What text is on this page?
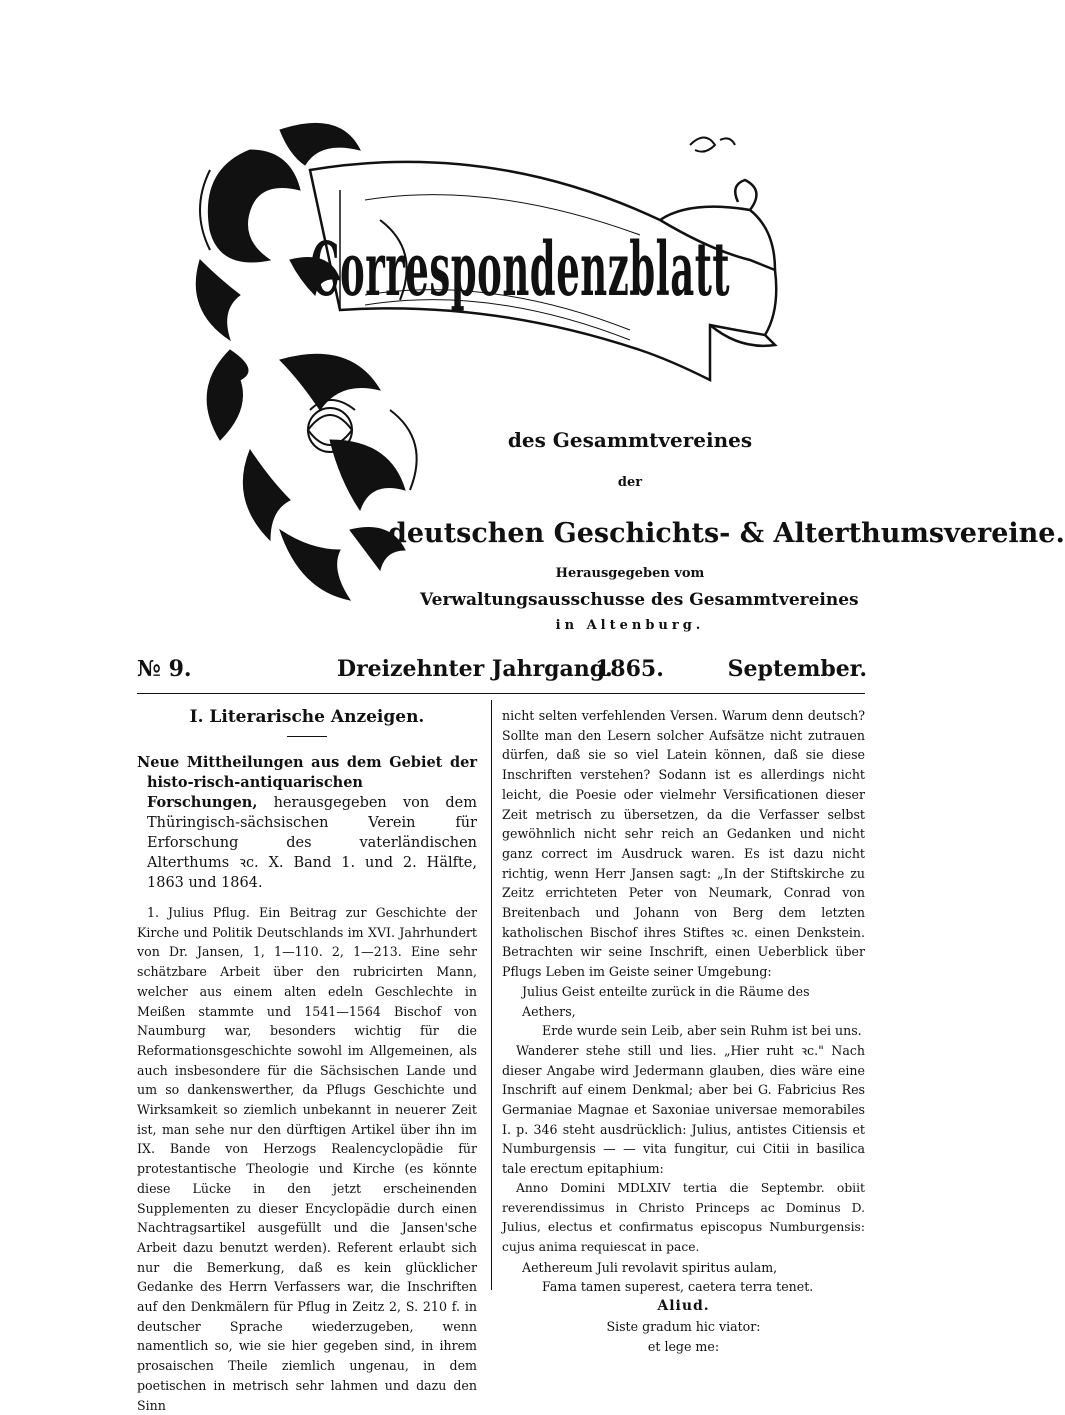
Correspondenzblatt
des Gesammtvereines
der
deutschen Geschichts- & Alterthumsvereine.
Herausgegeben vom
Verwaltungsausschusse des Gesammtvereines
in Altenburg.
№ 9.	Dreizehnter Jahrgang.
1865.	September.
I. Literarische Anzeigen.

Neue Mittheilungen aus dem Gebiet der histo-risch-antiquarischen Forschungen, herausgegeben von dem Thüringisch-sächsischen Verein für Erforschung des vaterländischen Alterthums ꝛc. X. Band 1. und 2. Hälfte, 1863 und 1864.

1. Julius Pflug. Ein Beitrag zur Geschichte der Kirche und Politik Deutschlands im XVI. Jahrhundert von Dr. Jansen, 1, 1—110. 2, 1—213. Eine sehr schätzbare Arbeit über den rubricirten Mann, welcher aus einem alten edeln Geschlechte in Meißen stammte und 1541—1564 Bischof von Naumburg war, besonders wichtig für die Reformationsgeschichte sowohl im Allgemeinen, als auch insbesondere für die Sächsischen Lande und um so dankenswerther, da Pflugs Geschichte und Wirksamkeit so ziemlich unbekannt in neuerer Zeit ist, man sehe nur den dürftigen Artikel über ihn im IX. Bande von Herzogs Realencyclopädie für protestantische Theologie und Kirche (es könnte diese Lücke in den jetzt erscheinenden Supplementen zu dieser Encyclopädie durch einen Nachtragsartikel ausgefüllt und die Jansen'sche Arbeit dazu benutzt werden). Referent erlaubt sich nur die Bemerkung, daß es kein glücklicher Gedanke des Herrn Verfassers war, die Inschriften auf den Denkmälern für Pflug in Zeitz 2, S. 210 f. in deutscher Sprache wiederzugeben, wenn namentlich so, wie sie hier gegeben sind, in ihrem prosaischen Theile ziemlich ungenau, in dem poetischen in metrisch sehr lahmen und dazu den Sinn

nicht selten verfehlenden Versen. Warum denn deutsch? Sollte man den Lesern solcher Aufsätze nicht zutrauen dürfen, daß sie so viel Latein können, daß sie diese Inschriften verstehen? Sodann ist es allerdings nicht leicht, die Poesie oder vielmehr Versificationen dieser Zeit metrisch zu übersetzen, da die Verfasser selbst gewöhnlich nicht sehr reich an Gedanken und nicht ganz correct im Ausdruck waren. Es ist dazu nicht richtig, wenn Herr Jansen sagt: „In der Stiftskirche zu Zeitz errichteten Peter von Neumark, Conrad von Breitenbach und Johann von Berg dem letzten katholischen Bischof ihres Stiftes ꝛc. einen Denkstein. Betrachten wir seine Inschrift, einen Ueberblick über Pflugs Leben im Geiste seiner Umgebung:

Julius Geist enteilte zurück in die Räume des Aethers,

Erde wurde sein Leib, aber sein Ruhm ist bei uns.

Wanderer stehe still und lies. „Hier ruht ꝛc." Nach dieser Angabe wird Jedermann glauben, dies wäre eine Inschrift auf einem Denkmal; aber bei G. Fabricius Res Germaniae Magnae et Saxoniae universae memorabiles I. p. 346 steht ausdrücklich: Julius, antistes Citiensis et Numburgensis — — vita fungitur, cui Citii in basilica tale erectum epitaphium:

Anno Domini MDLXIV tertia die Septembr. obiit reverendissimus in Christo Princeps ac Dominus D. Julius, electus et confirmatus episcopus Numburgensis: cujus anima requiescat in pace.

Aethereum Juli revolavit spiritus aulam,

Fama tamen superest, caetera terra tenet.

Aliud.

Siste gradum hic viator:

et lege me:
